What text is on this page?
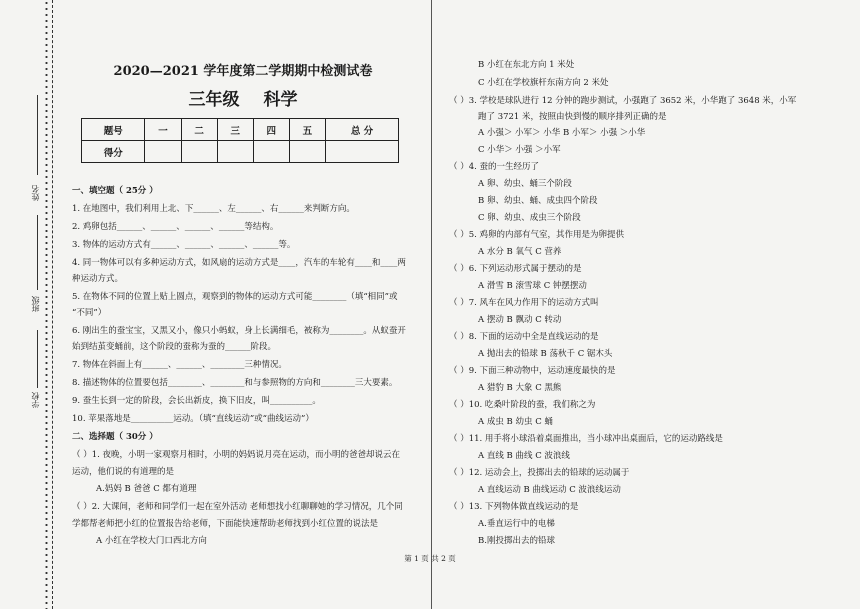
姓名
班级
学校
2020—2021 学年度第二学期期中检测试卷
三年级 科学
题号	一	二	三	四	五	总 分
得分						
一、填空题（ 25分 ）
1. 在地图中，我们利用上北、下______、左______、右______来判断方向。
2. 鸡卵包括______、______、______、______等结构。
3. 物体的运动方式有______、______、______、______等。
4. 同一物体可以有多种运动方式，如风扇的运动方式是____，汽车的车轮有____和____两
种运动方式。
5. 在物体不同的位置上贴上圆点，观察到的物体的运动方式可能________（填“相同”或
“不同”）
6. 刚出生的蚕宝宝，又黑又小，像只小蚂蚁，身上长满细毛，被称为________。从蚁蚕开
始到结茧变蛹前，这个阶段的蚕称为蚕的______阶段。
7. 物体在斜面上有______、______、________三种情况。
8. 描述物体的位置要包括________、________和与参照物的方向和________三大要素。
9. 蚕生长到一定的阶段，会长出新皮，换下旧皮，叫__________。
10. 苹果落地是__________运动。（填“直线运动”或“曲线运动”）
二、选择题（ 30分 ）
（ ）1. 夜晚，小明一家观察月相时，小明的妈妈说月亮在运动，而小明的爸爸却说云在
运动，他们说的有道理的是
A.妈妈 B 爸爸 C 都有道理
（ ）2. 大课间，老师和同学们一起在室外活动 老师想找小红聊聊她的学习情况，几个同
学都帮老师把小红的位置报告给老师，下面能快速帮助老师找到小红位置的说法是
A 小红在学校大门口西北方向
B 小红在东北方向 1 米处
C 小红在学校旗杆东南方向 2 米处
（ ）3. 学校是球队进行 12 分钟的跑步测试，小强跑了 3652 米，小华跑了 3648 米，小军
跑了 3721 米，按照由快到慢的顺序排列正确的是
A 小强＞ 小军＞ 小华 B 小军＞ 小强 ＞小华
C 小华＞ 小强 ＞小军
（ ）4. 蚕的一生经历了
A 卵、幼虫、蛹三个阶段
B 卵、幼虫、蛹、成虫四个阶段
C 卵、幼虫、成虫三个阶段
（ ）5. 鸡卵的内部有气室，其作用是为卵提供
A 水分 B 氧气 C 营养
（ ）6. 下列运动形式属于摆动的是
A 滑雪 B 滚雪球 C 钟摆摆动
（ ）7. 风车在风力作用下的运动方式叫
A 摆动 B 飘动 C 转动
（ ）8. 下面的运动中全是直线运动的是
A 抛出去的铅球 B 荡秋千 C 锯木头
（ ）9. 下面三种动物中，运动速度最快的是
A 猎豹 B 大象 C 黑熊
（ ）10. 吃桑叶阶段的蚕，我们称之为
A 成虫 B 幼虫 C 蛹
（ ）11. 用手将小球沿着桌面推出，当小球冲出桌面后，它的运动路线是
A 直线 B 曲线 C 波浪线
（ ）12. 运动会上，投掷出去的铅球的运动属于
A 直线运动 B 曲线运动 C 波浪线运动
（ ）13. 下列物体做直线运动的是
A.垂直运行中的电梯
B.刚投掷出去的铅球
第 1 页 共 2 页
